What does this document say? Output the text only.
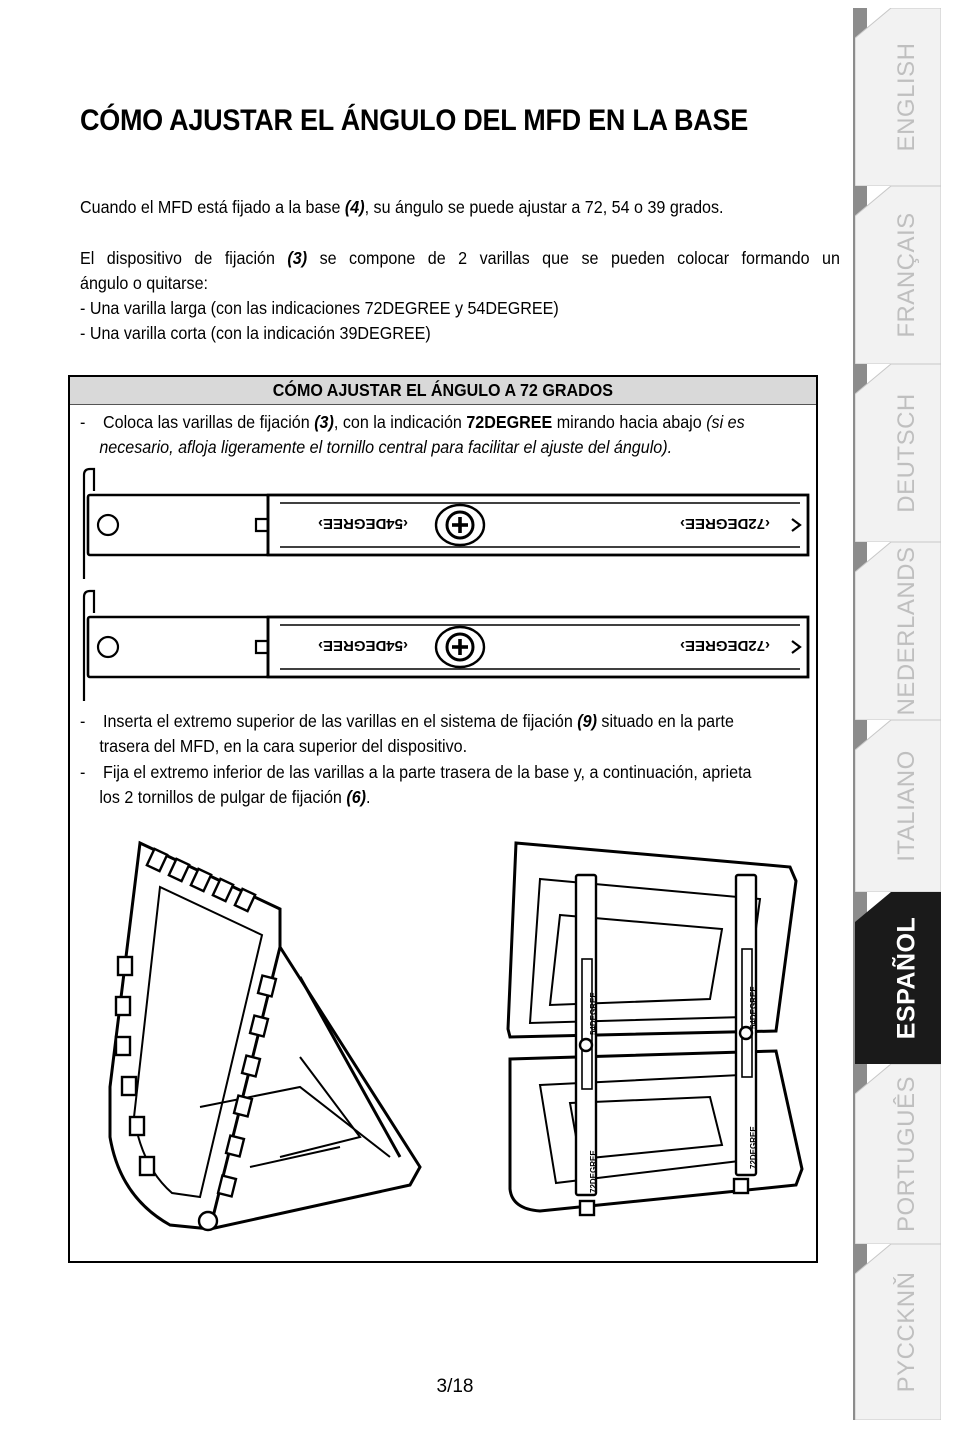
CÓMO AJUSTAR EL ÁNGULO DEL MFD EN LA BASE

Cuando el MFD está fijado a la base (4), su ángulo se puede ajustar a 72, 54 o 39 grados.

El dispositivo de fijación (3) se compone de 2 varillas que se pueden colocar formando un

ángulo o quitarse:

- Una varilla larga (con las indicaciones 72DEGREE y 54DEGREE)

- Una varilla corta (con la indicación 39DEGREE)

CÓMO AJUSTAR EL ÁNGULO A 72 GRADOS
-	Coloca las varillas de fijación (3), con la indicación 72DEGREE mirando hacia abajo (si es necesario, afloja ligeramente el tornillo central para facilitar el ajuste del ángulo).
‹54DEGREE›	‹72DEGREE›
‹54DEGREE›	‹72DEGREE›
-	Inserta el extremo superior de las varillas en el sistema de fijación (9) situado en la parte trasera del MFD, en la cara superior del dispositivo.
-	Fija el extremo inferior de las varillas a la parte trasera de la base y, a continuación, aprieta los 2 tornillos de pulgar de fijación (6).
54DEGREE	54DEGREE
72DEGREE
72DEGREE
3/18
ENGLISH
FRANÇAIS
DEUTSCH
NEDERLANDS
ITALIANO
ESPAÑOL
PORTUGUÊS
PYCCKNŇ
